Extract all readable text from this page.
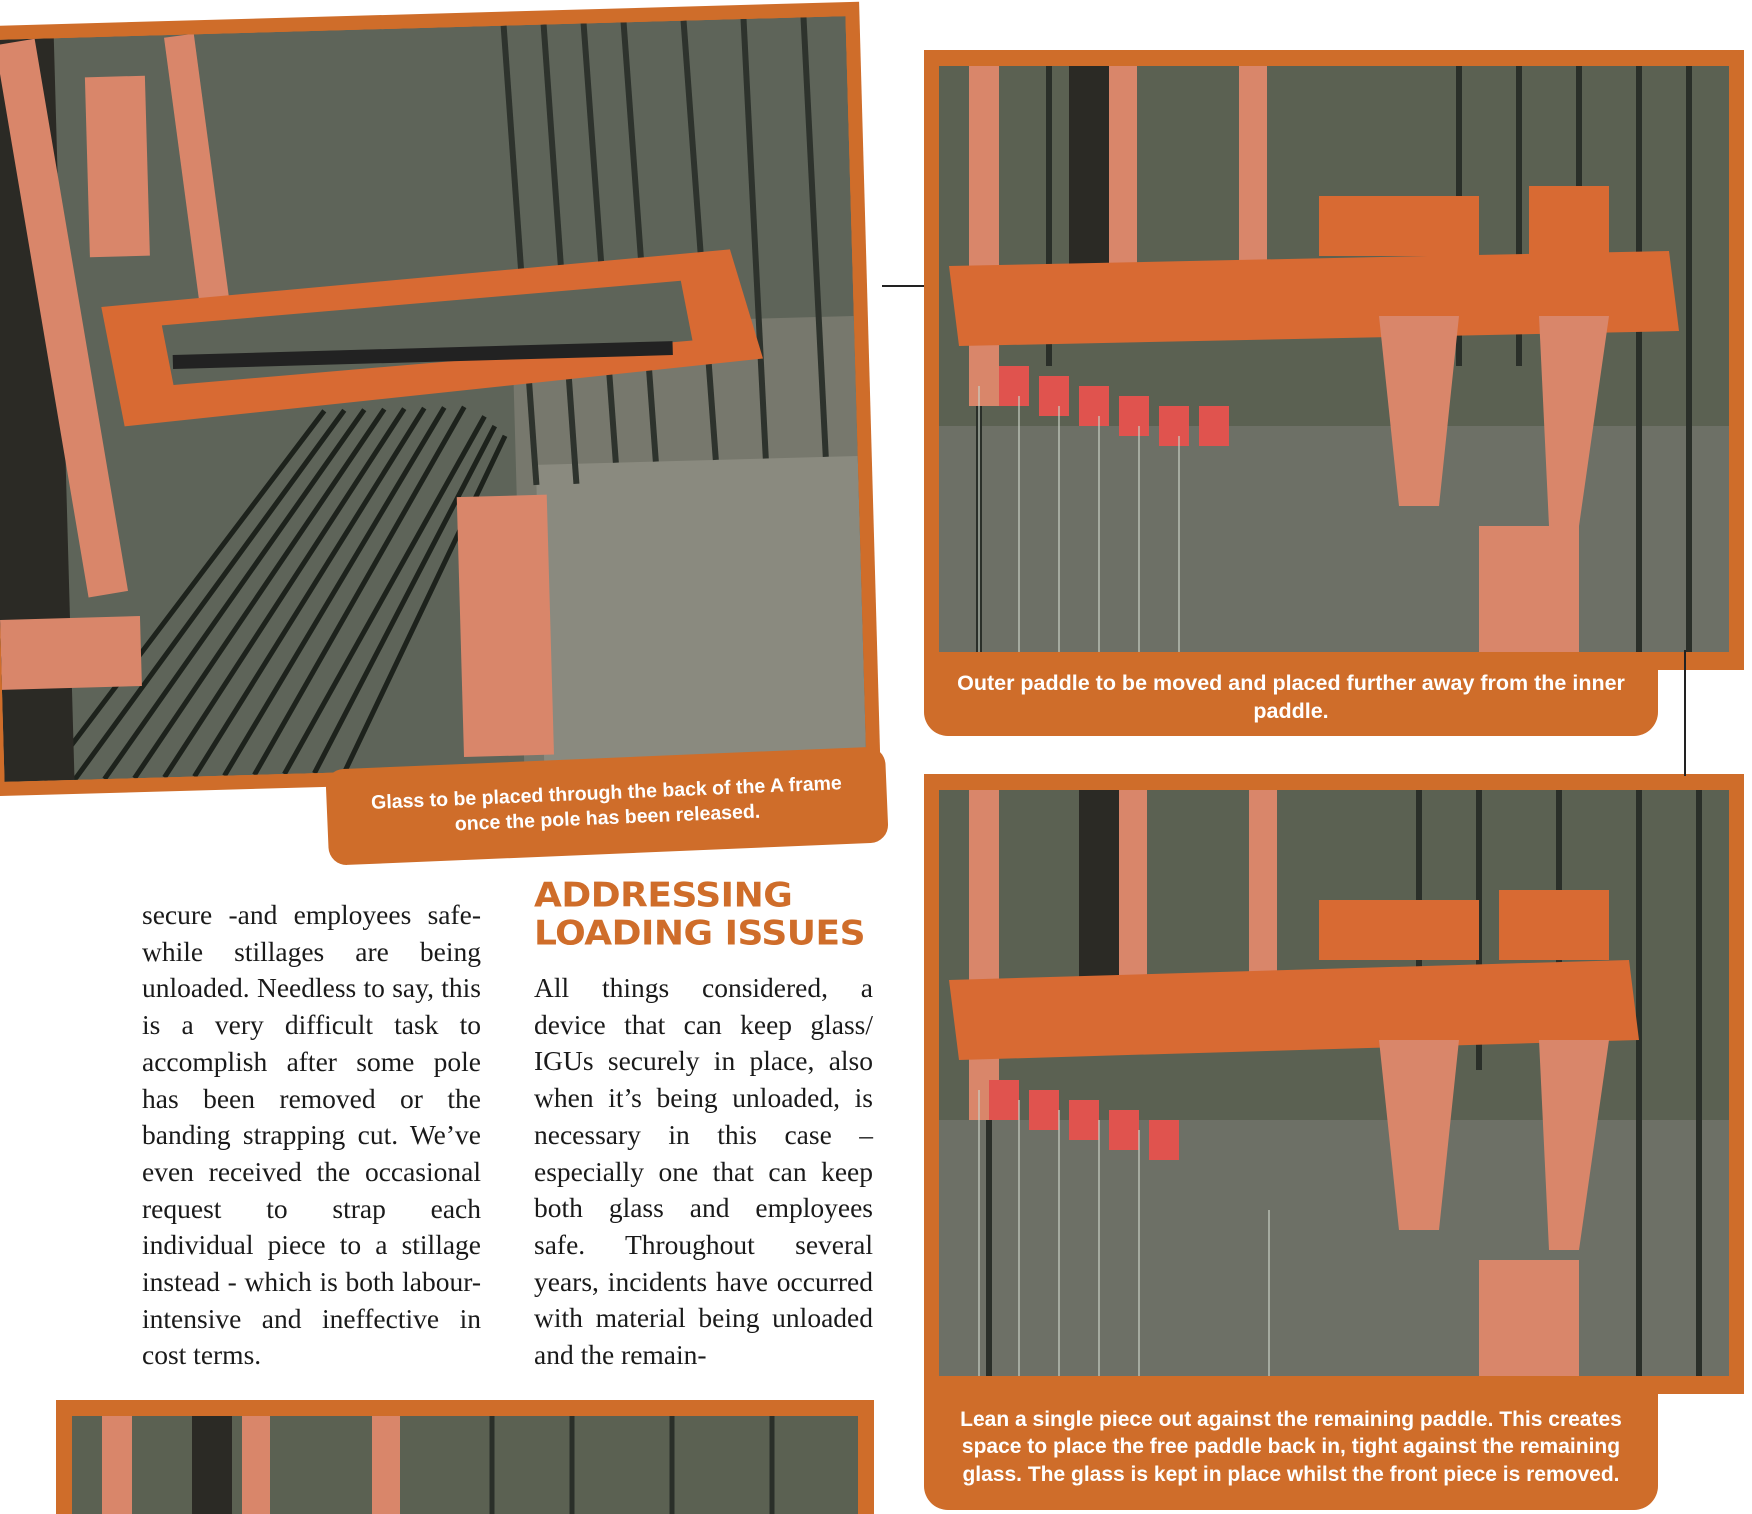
Glass to be placed through the back of the A frame once the pole has been released.
Outer paddle to be moved and placed further away from the inner paddle.
Lean a single piece out against the remaining paddle. This creates space to place the free paddle back in, tight against the remaining glass. The glass is kept in place whilst the front piece is removed.

secure -and employees safe-while stillages are being unloaded. Needless to say, this is a very difficult task to accomplish after some pole has been removed or the banding strapping cut. We’ve even received the occasional request to strap each individual piece to a stillage instead - which is both labour-intensive and ineffective in cost terms.

ADDRESSING LOADING ISSUES

All things considered, a device that can keep glass/ IGUs securely in place, also when it’s being unloaded, is necessary in this case – especially one that can keep both glass and employees safe. Throughout several years, incidents have occurred with material being unloaded and the remain-
